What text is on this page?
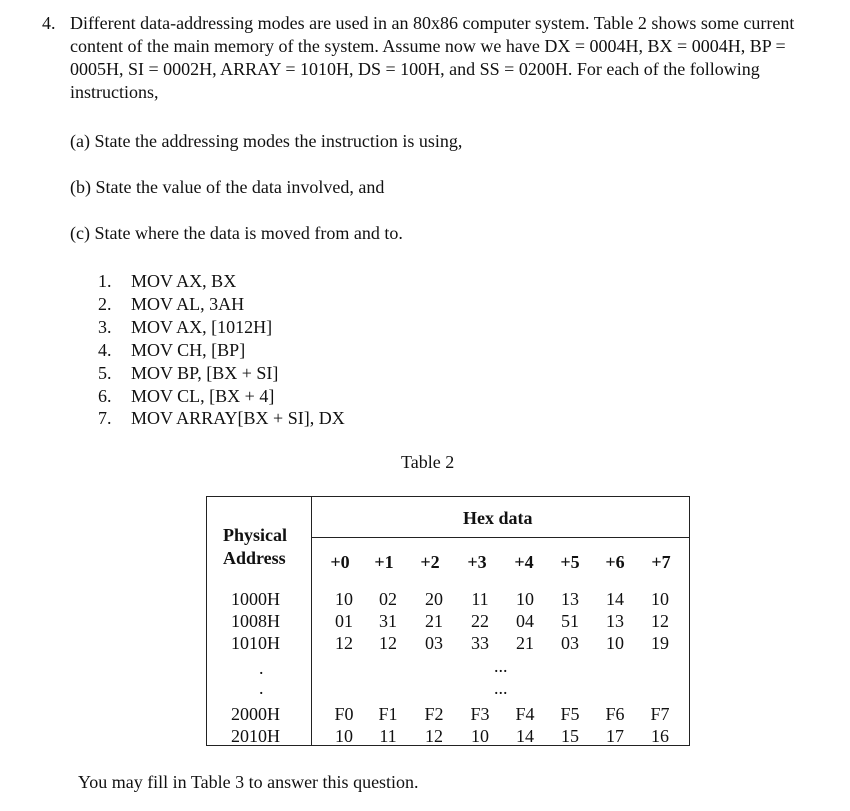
4. Different data-addressing modes are used in an 80x86 computer system. Table 2 shows some current content of the main memory of the system. Assume now we have DX = 0004H, BX = 0004H, BP = 0005H, SI = 0002H, ARRAY = 1010H, DS = 100H, and SS = 0200H. For each of the following instructions,
(a) State the addressing modes the instruction is using,
(b) State the value of the data involved, and
(c) State where the data is moved from and to.
1.	MOV AX, BX
2.	MOV AL, 3AH
3.	MOV AX, [1012H]
4.	MOV CH, [BP]
5.	MOV BP, [BX + SI]
6.	MOV CL, [BX + 4]
7.	MOV ARRAY[BX + SI], DX
Table 2
Physical
Address
Hex data
+0 +1 +2 +3 +4 +5 +6 +7
1000H	10	02	20	11	10	13	14	10
1008H	01	31	21	22	04	51	13	12
1010H	12	12	03	33	21	03	10	19
.
.
...
...
2000H	F0	F1	F2	F3	F4	F5	F6	F7
2010H	10	11	12	10	14	15	17	16
You may fill in Table 3 to answer this question.
